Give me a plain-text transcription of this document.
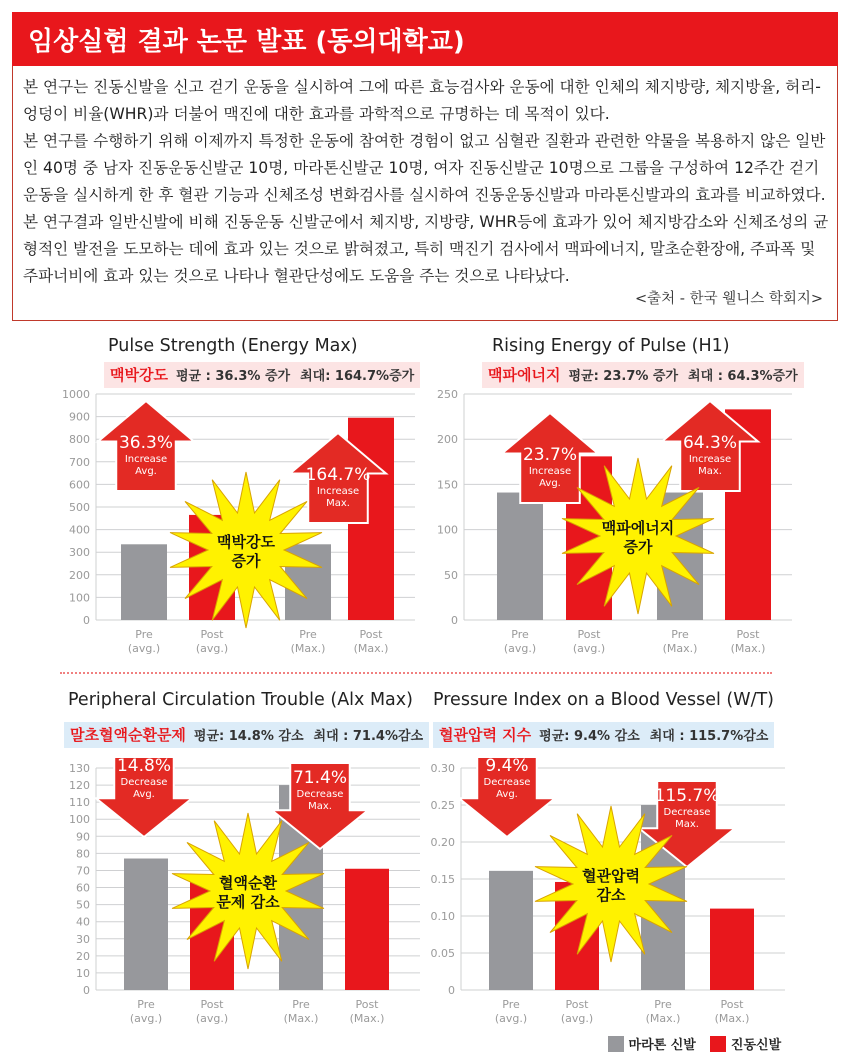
임상실험 결과 논문 발표 (동의대학교)
본 연구는 진동신발을 신고 걷기 운동을 실시하여 그에 따른 효능검사와 운동에 대한 인체의 체지방량, 체지방율, 허리-엉덩이 비율(WHR)과 더불어 맥진에 대한 효과를 과학적으로 규명하는 데 목적이 있다.
본 연구를 수행하기 위해 이제까지 특정한 운동에 참여한 경험이 없고 심혈관 질환과 관련한 약물을 복용하지 않은 일반인 40명 중 남자 진동운동신발군 10명, 마라톤신발군 10명, 여자 진동신발군 10명으로 그룹을 구성하여 12주간 걷기운동을 실시하게 한 후 혈관 기능과 신체조성 변화검사를 실시하여 진동운동신발과 마라톤신발과의 효과를 비교하였다. 본 연구결과 일반신발에 비해 진동운동 신발군에서 체지방, 지방량, WHR등에 효과가 있어 체지방감소와 신체조성의 균형적인 발전을 도모하는 데에 효과 있는 것으로 밝혀졌고, 특히 맥진기 검사에서 맥파에너지, 말초순환장애, 주파폭 및 주파너비에 효과 있는 것으로 나타나 혈관단성에도 도움을 주는 것으로 나타났다.
<출처 - 한국 웰니스 학회지>
Pulse Strength (Energy Max)
맥박강도 평균 : 36.3% 증가 최대: 164.7%증가
0
100
200
300
400
500
600
700
800
900
1000
Pre (avg.)
Post (avg.)
Pre (Max.)
Post (Max.)
36.3%
Increase
Avg.	164.7%
Increase
Max.
맥박강도
증가
Rising Energy of Pulse (H1)
맥파에너지 평균: 23.7% 증가 최대 : 64.3%증가
0
50
100
150
200
250
Pre (avg.)
Post (avg.)
Pre (Max.)
Post (Max.)
23.7%
Increase
Avg.
64.3%
Increase
Max.
맥파에너지
증가
Peripheral Circulation Trouble (Alx Max)
말초혈액순환문제 평균: 14.8% 감소 최대 : 71.4%감소
0
10
20
30
40
50
60
70
80
90
100
110
120
130
Pre (avg.)
Post (avg.)
Pre (Max.)
Post (Max.)
14.8%
Decrease
Avg.
71.4%
Decrease
Max.
혈액순환
문제 감소
Pressure Index on a Blood Vessel (W/T)
혈관압력 지수 평균: 9.4% 감소 최대 : 115.7%감소
0
0.05
0.10
0.15
0.20
0.25
0.30
Pre (avg.)
Post (avg.)
Pre (Max.)
Post (Max.)
9.4%
Decrease
Avg.	115.7%
Decrease
Max.
혈관압력
감소
마라톤 신발	진동신발
